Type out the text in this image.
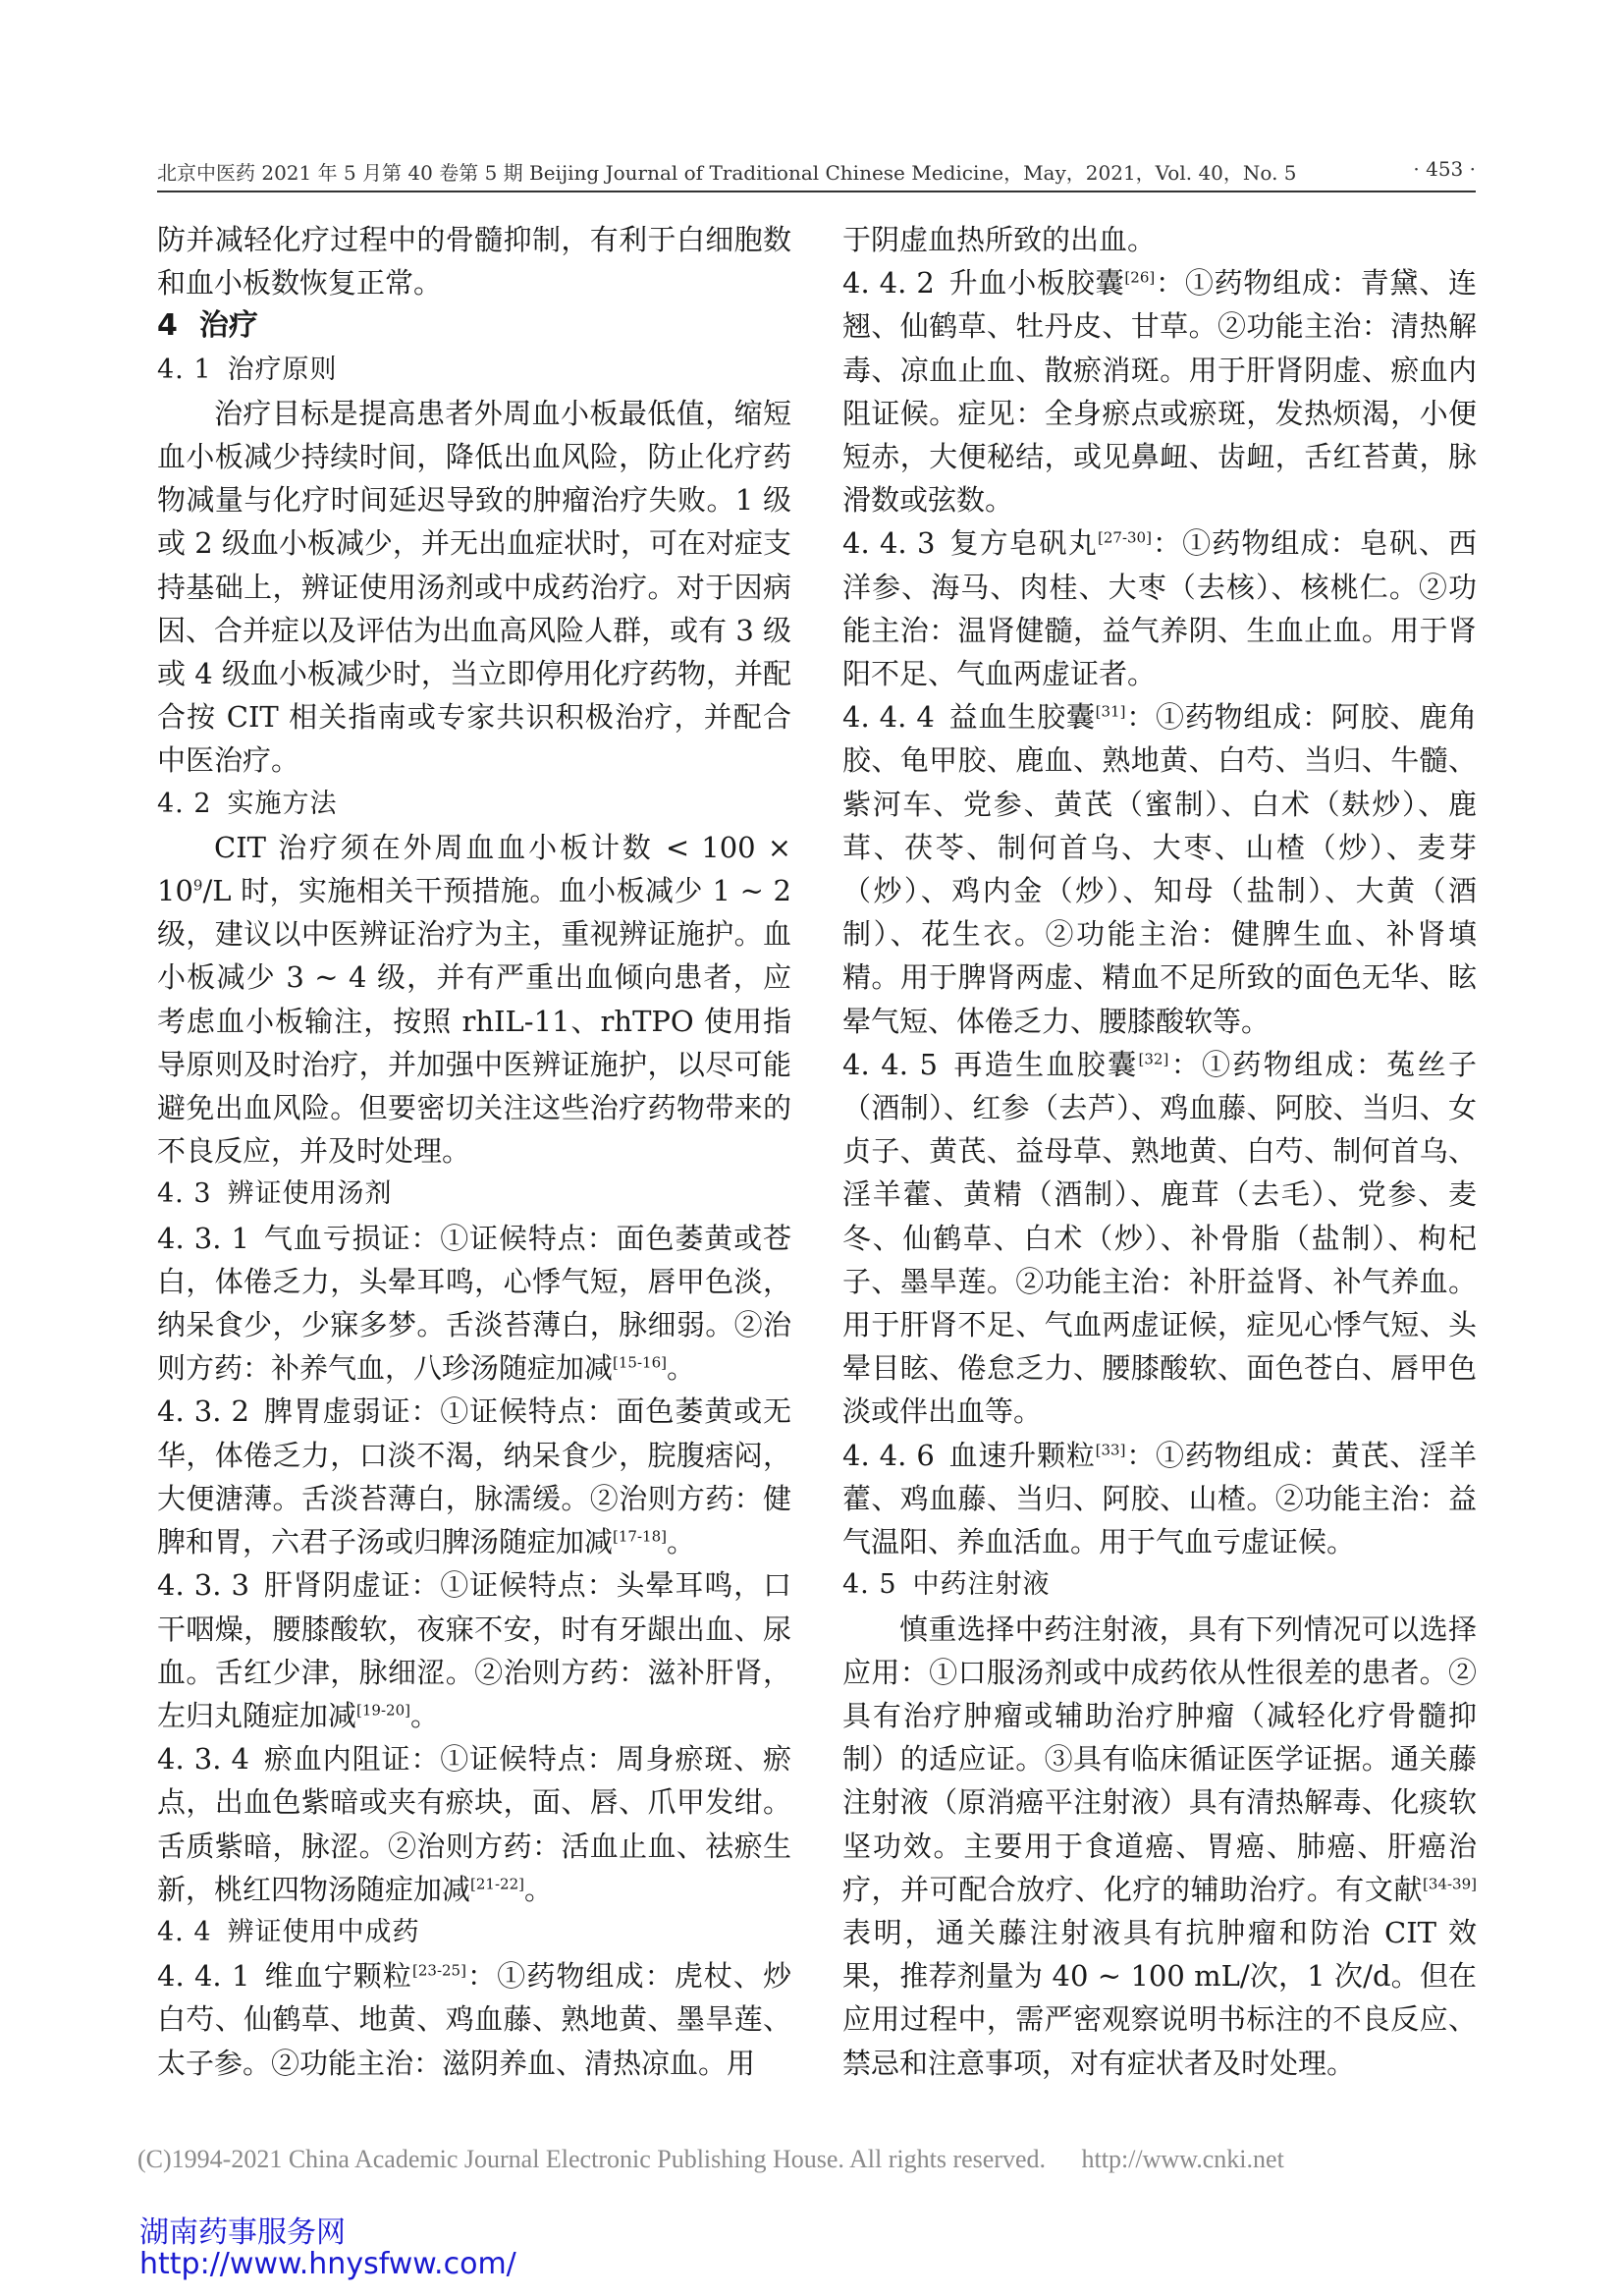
北京中医药 2021 年 5 月第 40 卷第 5 期 Beijing Journal of Traditional Chinese Medicine，May，2021，Vol. 40，No. 5	· 453 ·

防并减轻化疗过程中的骨髓抑制，有利于白细胞数和血小板数恢复正常。

4 治疗

4. 1 治疗原则

治疗目标是提高患者外周血小板最低值，缩短血小板减少持续时间，降低出血风险，防止化疗药物减量与化疗时间延迟导致的肿瘤治疗失败。1 级或 2 级血小板减少，并无出血症状时，可在对症支持基础上，辨证使用汤剂或中成药治疗。对于因病因、合并症以及评估为出血高风险人群，或有 3 级或 4 级血小板减少时，当立即停用化疗药物，并配合按 CIT 相关指南或专家共识积极治疗，并配合中医治疗。

4. 2 实施方法

CIT 治疗须在外周血血小板计数 < $100 \times 10^9/L$ 时，实施相关干预措施。血小板减少 1 ~ 2 级，建议以中医辨证治疗为主，重视辨证施护。血小板减少 3 ~ 4 级，并有严重出血倾向患者，应考虑血小板输注，按照 rhIL-11、rhTPO 使用指导原则及时治疗，并加强中医辨证施护，以尽可能避免出血风险。但要密切关注这些治疗药物带来的不良反应，并及时处理。

4. 3 辨证使用汤剂

4. 3. 1 气血亏损证：①证候特点：面色萎黄或苍白，体倦乏力，头晕耳鸣，心悸气短，唇甲色淡，纳呆食少，少寐多梦。舌淡苔薄白，脉细弱。②治则方药：补养气血，八珍汤随症加减[15-16]。

4. 3. 2 脾胃虚弱证：①证候特点：面色萎黄或无华，体倦乏力，口淡不渴，纳呆食少，脘腹痞闷，大便溏薄。舌淡苔薄白，脉濡缓。②治则方药：健脾和胃，六君子汤或归脾汤随症加减[17-18]。

4. 3. 3 肝肾阴虚证：①证候特点：头晕耳鸣，口干咽燥，腰膝酸软，夜寐不安，时有牙龈出血、尿血。舌红少津，脉细涩。②治则方药：滋补肝肾，左归丸随症加减[19-20]。

4. 3. 4 瘀血内阻证：①证候特点：周身瘀斑、瘀点，出血色紫暗或夹有瘀块，面、唇、爪甲发绀。舌质紫暗，脉涩。②治则方药：活血止血、祛瘀生新，桃红四物汤随症加减[21-22]。

4. 4 辨证使用中成药

4. 4. 1 维血宁颗粒[23-25]：①药物组成：虎杖、炒白芍、仙鹤草、地黄、鸡血藤、熟地黄、墨旱莲、太子参。②功能主治：滋阴养血、清热凉血。用

于阴虚血热所致的出血。

4. 4. 2 升血小板胶囊[26]：①药物组成：青黛、连翘、仙鹤草、牡丹皮、甘草。②功能主治：清热解毒、凉血止血、散瘀消斑。用于肝肾阴虚、瘀血内阻证候。症见：全身瘀点或瘀斑，发热烦渴，小便短赤，大便秘结，或见鼻衄、齿衄，舌红苔黄，脉滑数或弦数。

4. 4. 3 复方皂矾丸[27-30]：①药物组成：皂矾、西洋参、海马、肉桂、大枣（去核）、核桃仁。②功能主治：温肾健髓，益气养阴、生血止血。用于肾阳不足、气血两虚证者。

4. 4. 4 益血生胶囊[31]：①药物组成：阿胶、鹿角胶、龟甲胶、鹿血、熟地黄、白芍、当归、牛髓、紫河车、党参、黄芪（蜜制）、白术（麸炒）、鹿茸、茯苓、制何首乌、大枣、山楂（炒）、麦芽（炒）、鸡内金（炒）、知母（盐制）、大黄（酒制）、花生衣。②功能主治：健脾生血、补肾填精。用于脾肾两虚、精血不足所致的面色无华、眩晕气短、体倦乏力、腰膝酸软等。

4. 4. 5 再造生血胶囊[32]：①药物组成：菟丝子（酒制）、红参（去芦）、鸡血藤、阿胶、当归、女贞子、黄芪、益母草、熟地黄、白芍、制何首乌、淫羊藿、黄精（酒制）、鹿茸（去毛）、党参、麦冬、仙鹤草、白术（炒）、补骨脂（盐制）、枸杞子、墨旱莲。②功能主治：补肝益肾、补气养血。用于肝肾不足、气血两虚证候，症见心悸气短、头晕目眩、倦怠乏力、腰膝酸软、面色苍白、唇甲色淡或伴出血等。

4. 4. 6 血速升颗粒[33]：①药物组成：黄芪、淫羊藿、鸡血藤、当归、阿胶、山楂。②功能主治：益气温阳、养血活血。用于气血亏虚证候。

4. 5 中药注射液

慎重选择中药注射液，具有下列情况可以选择应用：①口服汤剂或中成药依从性很差的患者。②具有治疗肿瘤或辅助治疗肿瘤（减轻化疗骨髓抑制）的适应证。③具有临床循证医学证据。通关藤注射液（原消癌平注射液）具有清热解毒、化痰软坚功效。主要用于食道癌、胃癌、肺癌、肝癌治疗，并可配合放疗、化疗的辅助治疗。有文献[34-39]表明，通关藤注射液具有抗肿瘤和防治 CIT 效果，推荐剂量为 40 ~ 100 mL/次，1 次/d。但在应用过程中，需严密观察说明书标注的不良反应、禁忌和注意事项，对有症状者及时处理。

(C)1994-2021 China Academic Journal Electronic Publishing House. All rights reserved. http://www.cnki.net
湖南药事服务网
http://www.hnysfww.com/
